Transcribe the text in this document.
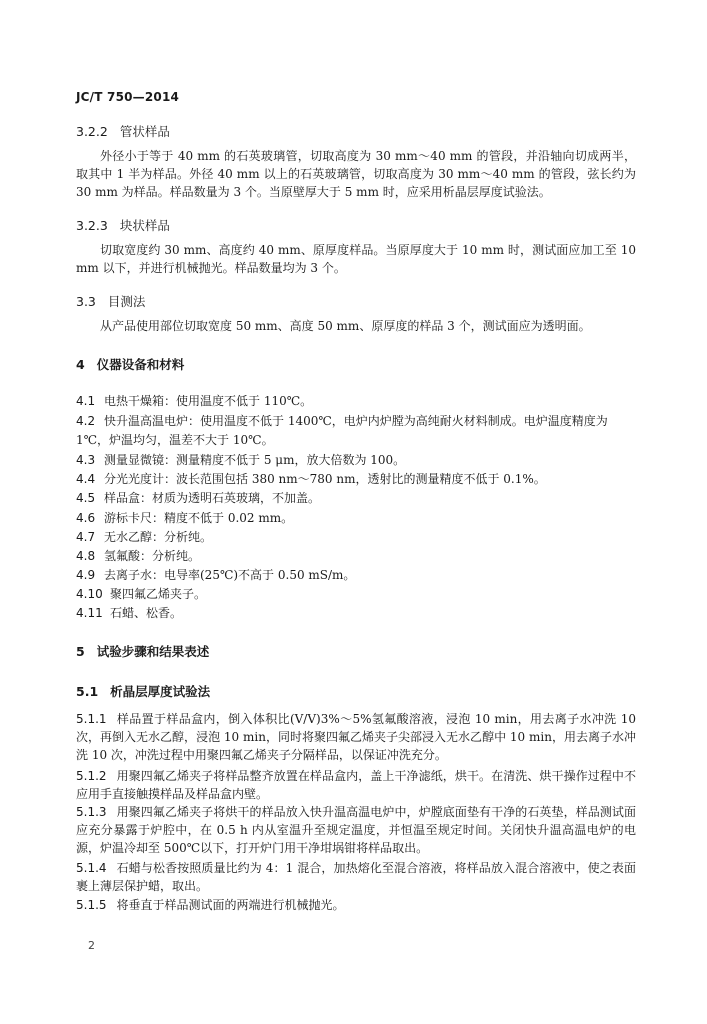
JC/T 750—2014
3.2.2 管状样品
外径小于等于 40 mm 的石英玻璃管，切取高度为 30 mm～40 mm 的管段，并沿轴向切成两半，取其中 1 半为样品。外径 40 mm 以上的石英玻璃管，切取高度为 30 mm～40 mm 的管段，弦长约为 30 mm 为样品。样品数量为 3 个。当原壁厚大于 5 mm 时，应采用析晶层厚度试验法。
3.2.3 块状样品
切取宽度约 30 mm、高度约 40 mm、原厚度样品。当原厚度大于 10 mm 时，测试面应加工至 10 mm 以下，并进行机械抛光。样品数量均为 3 个。
3.3 目测法
从产品使用部位切取宽度 50 mm、高度 50 mm、原厚度的样品 3 个，测试面应为透明面。
4 仪器设备和材料
4.1 电热干燥箱：使用温度不低于 110℃。
4.2 快升温高温电炉：使用温度不低于 1400℃，电炉内炉膛为高纯耐火材料制成。电炉温度精度为
1℃，炉温均匀，温差不大于 10℃。
4.3 测量显微镜：测量精度不低于 5 μm，放大倍数为 100。
4.4 分光光度计：波长范围包括 380 nm～780 nm，透射比的测量精度不低于 0.1%。
4.5 样品盒：材质为透明石英玻璃，不加盖。
4.6 游标卡尺：精度不低于 0.02 mm。
4.7 无水乙醇：分析纯。
4.8 氢氟酸：分析纯。
4.9 去离子水：电导率(25℃)不高于 0.50 mS/m。
4.10 聚四氟乙烯夹子。
4.11 石蜡、松香。
5 试验步骤和结果表述
5.1 析晶层厚度试验法
5.1.1 样品置于样品盒内，倒入体积比(V/V)3%～5%氢氟酸溶液，浸泡 10 min，用去离子水冲洗 10 次，再倒入无水乙醇，浸泡 10 min，同时将聚四氟乙烯夹子尖部浸入无水乙醇中 10 min，用去离子水冲洗 10 次，冲洗过程中用聚四氟乙烯夹子分隔样品，以保证冲洗充分。
5.1.2 用聚四氟乙烯夹子将样品整齐放置在样品盒内，盖上干净滤纸，烘干。在清洗、烘干操作过程中不应用手直接触摸样品及样品盒内壁。
5.1.3 用聚四氟乙烯夹子将烘干的样品放入快升温高温电炉中，炉膛底面垫有干净的石英垫，样品测试面应充分暴露于炉腔中，在 0.5 h 内从室温升至规定温度，并恒温至规定时间。关闭快升温高温电炉的电源，炉温冷却至 500℃以下，打开炉门用干净坩埚钳将样品取出。
5.1.4 石蜡与松香按照质量比约为 4：1 混合，加热熔化至混合溶液，将样品放入混合溶液中，使之表面裹上薄层保护蜡，取出。
5.1.5 将垂直于样品测试面的两端进行机械抛光。
2
